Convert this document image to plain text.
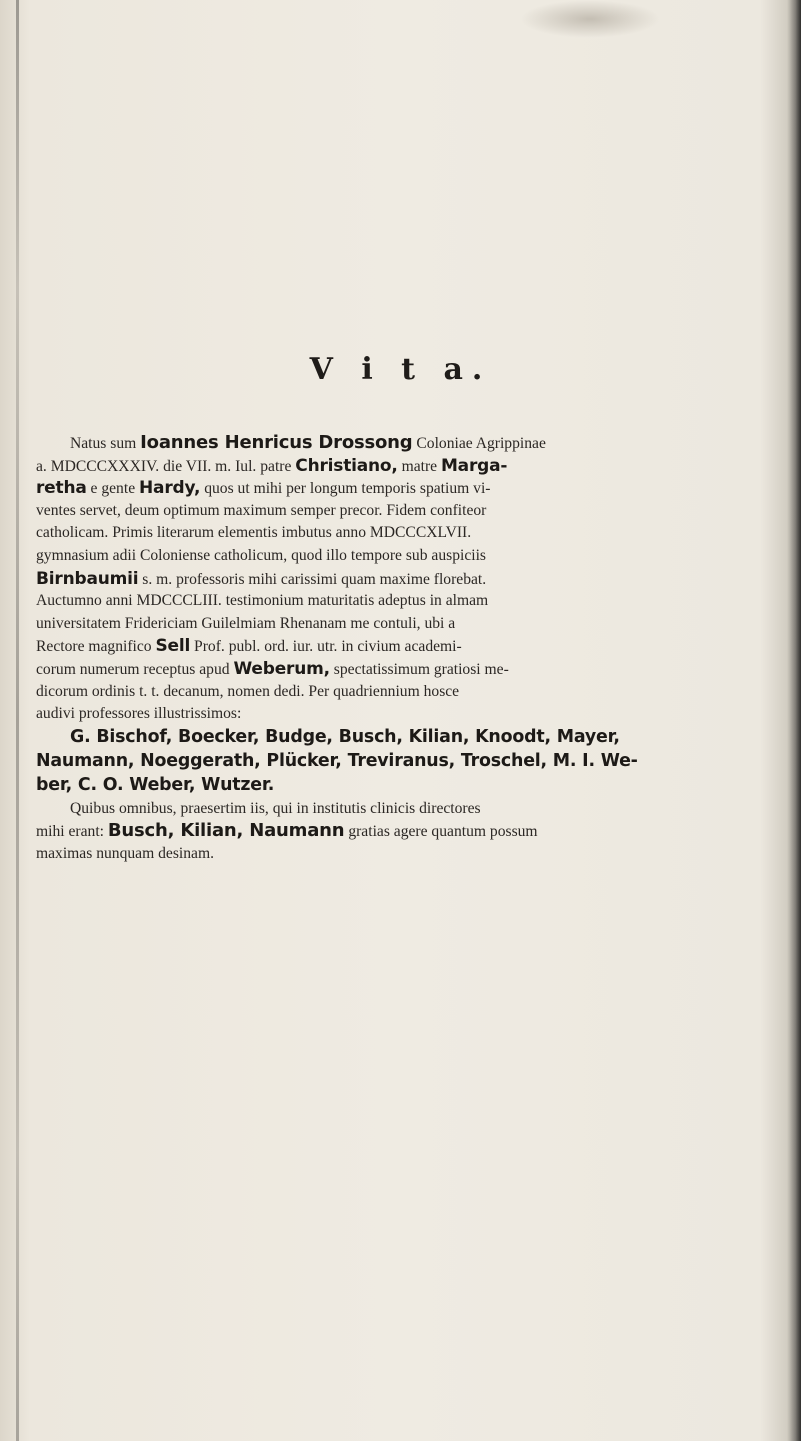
V i t a.
Natus sum Ioannes Henricus Drossong Coloniae Agrippinae
a. MDCCCXXXIV. die VII. m. Iul. patre Christiano, matre Marga-
retha e gente Hardy, quos ut mihi per longum temporis spatium vi-
ventes servet, deum optimum maximum semper precor. Fidem confiteor
catholicam. Primis literarum elementis imbutus anno MDCCCXLVII.
gymnasium adii Coloniense catholicum, quod illo tempore sub auspiciis
Birnbaumii s. m. professoris mihi carissimi quam maxime florebat.
Auctumno anni MDCCCLIII. testimonium maturitatis adeptus in almam
universitatem Fridericiam Guilelmiam Rhenanam me contuli, ubi a
Rectore magnifico Sell Prof. publ. ord. iur. utr. in civium academi-
corum numerum receptus apud Weberum, spectatissimum gratiosi me-
dicorum ordinis t. t. decanum, nomen dedi. Per quadriennium hosce
audivi professores illustrissimos:
G. Bischof, Boecker, Budge, Busch, Kilian, Knoodt, Mayer,
Naumann, Noeggerath, Plücker, Treviranus, Troschel, M. I. We-
ber, C. O. Weber, Wutzer.
Quibus omnibus, praesertim iis, qui in institutis clinicis directores
mihi erant: Busch, Kilian, Naumann gratias agere quantum possum
maximas nunquam desinam.
